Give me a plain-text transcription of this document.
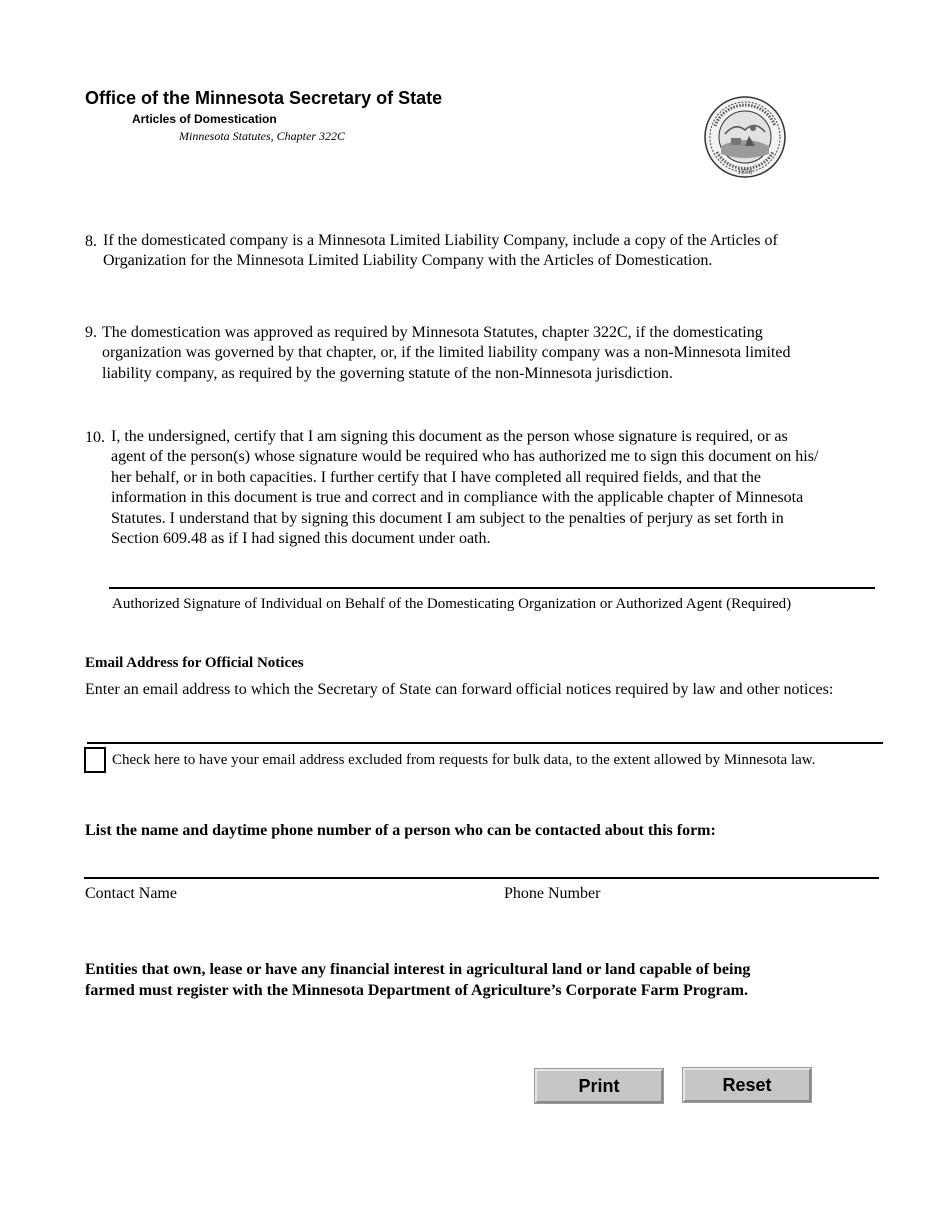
Office of the Minnesota Secretary of State
Articles of Domestication
Minnesota Statutes, Chapter 322C
1858
8. If the domesticated company is a Minnesota Limited Liability Company, include a copy of the Articles of
Organization for the Minnesota Limited Liability Company with the Articles of Domestication.
9. The domestication was approved as required by Minnesota Statutes, chapter 322C, if the domesticating
organization was governed by that chapter, or, if the limited liability company was a non-Minnesota limited
liability company, as required by the governing statute of the non-Minnesota jurisdiction.
10. I, the undersigned, certify that I am signing this document as the person whose signature is required, or as
agent of the person(s) whose signature would be required who has authorized me to sign this document on his/
her behalf, or in both capacities. I further certify that I have completed all required fields, and that the
information in this document is true and correct and in compliance with the applicable chapter of Minnesota
Statutes. I understand that by signing this document I am subject to the penalties of perjury as set forth in
Section 609.48 as if I had signed this document under oath.
Authorized Signature of Individual on Behalf of the Domesticating Organization or Authorized Agent (Required)
Email Address for Official Notices
Enter an email address to which the Secretary of State can forward official notices required by law and other notices:
Check here to have your email address excluded from requests for bulk data, to the extent allowed by Minnesota law.
List the name and daytime phone number of a person who can be contacted about this form:
Contact Name	Phone Number
Entities that own, lease or have any financial interest in agricultural land or land capable of being
farmed must register with the Minnesota Department of Agriculture’s Corporate Farm Program.
Print	Reset
